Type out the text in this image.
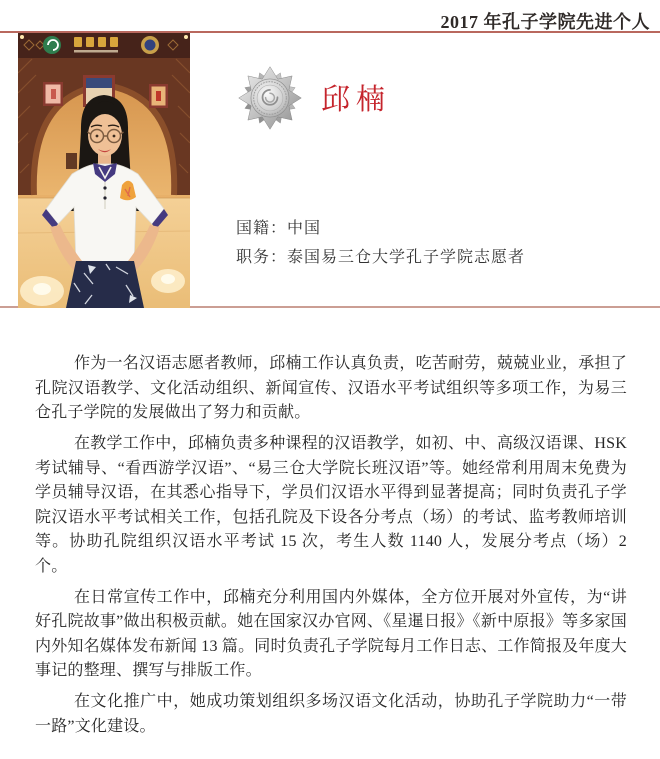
2017 年孔子学院先进个人
邱楠
国籍：中国
职务：泰国易三仓大学孔子学院志愿者

作为一名汉语志愿者教师，邱楠工作认真负责，吃苦耐劳，兢兢业业，承担了孔院汉语教学、文化活动组织、新闻宣传、汉语水平考试组织等多项工作，为易三仓孔子学院的发展做出了努力和贡献。

在教学工作中，邱楠负责多种课程的汉语教学，如初、中、高级汉语课、HSK 考试辅导、“看西游学汉语”、“易三仓大学院长班汉语”等。她经常利用周末免费为学员辅导汉语，在其悉心指导下，学员们汉语水平得到显著提高；同时负责孔子学院汉语水平考试相关工作，包括孔院及下设各分考点（场）的考试、监考教师培训等。协助孔院组织汉语水平考试 15 次，考生人数 1140 人，发展分考点（场）2 个。

在日常宣传工作中，邱楠充分利用国内外媒体，全方位开展对外宣传，为“讲好孔院故事”做出积极贡献。她在国家汉办官网、《星暹日报》《新中原报》等多家国内外知名媒体发布新闻 13 篇。同时负责孔子学院每月工作日志、工作简报及年度大事记的整理、撰写与排版工作。

在文化推广中，她成功策划组织多场汉语文化活动，协助孔子学院助力“一带一路”文化建设。
